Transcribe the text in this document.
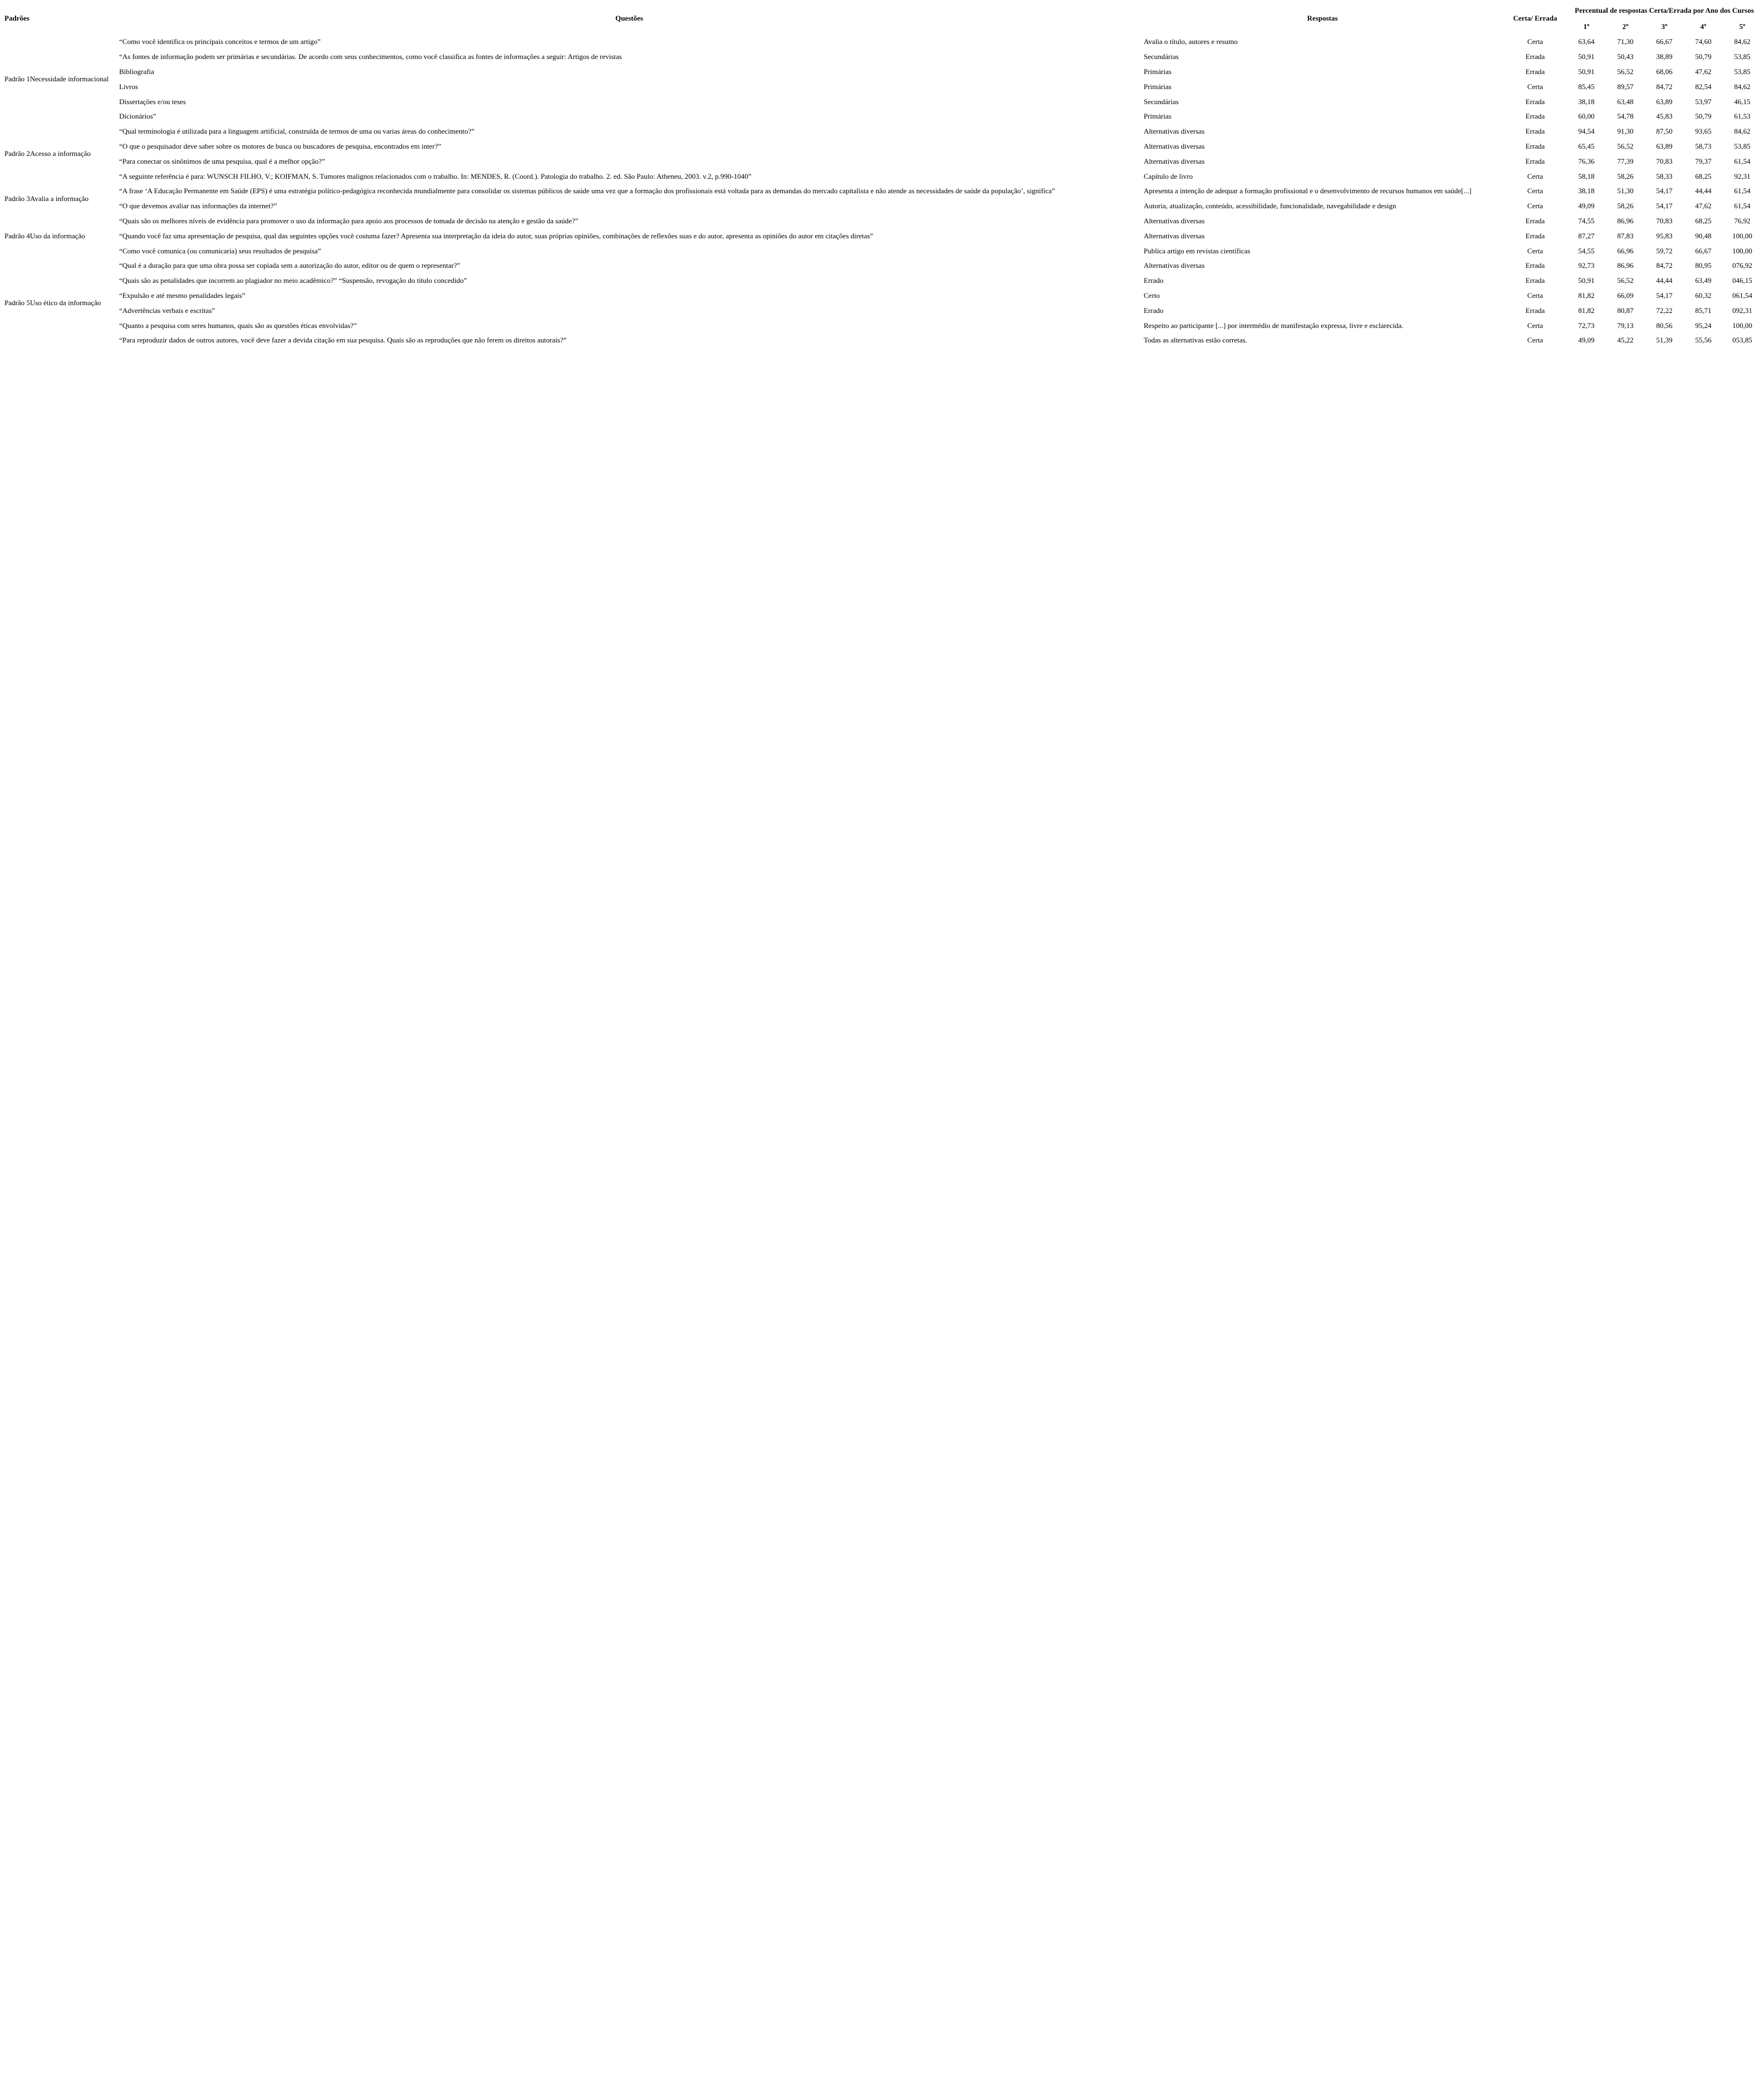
Padrões	Questões	Respostas	Certa/ Errada	Percentual de respostas Certa/Errada por Ano dos Cursos				
				1º	2º	3º	4º	5º
Padrão 1Necessidade informacional	“Como você identifica os principais conceitos e termos de um artigo”	Avalia o título, autores e resumo	Certa	63,64	71,30	66,67	74,60	84,62
	“As fontes de informação podem ser primárias e secundárias. De acordo com seus conhecimentos, como você classifica as fontes de informações a seguir: Artigos de revistas	Secundárias	Errada	50,91	50,43	38,89	50,79	53,85
	Bibliografia	Primárias	Errada	50,91	56,52	68,06	47,62	53,85
	Livros	Primárias	Certa	85,45	89,57	84,72	82,54	84,62
	Dissertações e/ou teses	Secundárias	Errada	38,18	63,48	63,89	53,97	46,15
	Dicionários”	Primárias	Errada	60,00	54,78	45,83	50,79	61,53
Padrão 2Acesso a informação	“Qual terminologia é utilizada para a linguagem artificial, construída de termos de uma ou varias áreas do conhecimento?”	Alternativas diversas	Errada	94,54	91,30	87,50	93,65	84,62
	“O que o pesquisador deve saber sobre os motores de busca ou buscadores de pesquisa, encontrados em inter?”	Alternativas diversas	Errada	65,45	56,52	63,89	58,73	53,85
	“Para conectar os sinônimos de uma pesquisa, qual é a melhor opção?”	Alternativas diversas	Errada	76,36	77,39	70,83	79,37	61,54
	“A seguinte referência é para: WUNSCH FILHO, V.; KOIFMAN, S. Tumores malignos relacionados com o trabalho. In: MENDES, R. (Coord.). Patologia do trabalho. 2. ed. São Paulo: Atheneu, 2003. v.2, p.990-1040”	Capítulo de livro	Certa	58,18	58,26	58,33	68,25	92,31
Padrão 3Avalia a informação	“A frase ‘A Educação Permanente em Saúde (EPS) é uma estratégia político-pedagógica reconhecida mundialmente para consolidar os sistemas públicos de saúde uma vez que a formação dos profissionais está voltada para as demandas do mercado capitalista e não atende as necessidades de saúde da população’, significa”	Apresenta a intenção de adequar a formação profissional e o desenvolvimento de recursos humanos em saúde[...]	Certa	38,18	51,30	54,17	44,44	61,54
	“O que devemos avaliar nas informações da internet?”	Autoria, atualização, conteúdo, acessibilidade, funcionalidade, navegabilidade e design	Certa	49,09	58,26	54,17	47,62	61,54
Padrão 4Uso da informação	“Quais são os melhores níveis de evidência para promover o uso da informação para apoio aos processos de tomada de decisão na atenção e gestão da saúde?”	Alternativas diversas	Errada	74,55	86,96	70,83	68,25	76,92
	“Quando você faz uma apresentação de pesquisa, qual das seguintes opções você costuma fazer? Apresenta sua interpretação da ideia do autor, suas próprias opiniões, combinações de reflexões suas e do autor, apresenta as opiniões do autor em citações diretas”	Alternativas diversas	Errada	87,27	87,83	95,83	90,48	100,00
	“Como você comunica (ou comunicaria) seus resultados de pesquisa”	Publica artigo em revistas científicas	Certa	54,55	66,96	59,72	66,67	100,00
Padrão 5Uso ético da informação	“Qual é a duração para que uma obra possa ser copiada sem a autorização do autor, editor ou de quem o representar?”	Alternativas diversas	Errada	92,73	86,96	84,72	80,95	076,92
	“Quais são as penalidades que incorrem ao plagiador no meio acadêmico?” “Suspensão, revogação do título concedido”	Errado	Errada	50,91	56,52	44,44	63,49	046,15
	“Expulsão e até mesmo penalidades legais”	Certo	Certa	81,82	66,09	54,17	60,32	061,54
	“Advertências verbais e escritas”	Errado	Errada	81,82	80,87	72,22	85,71	092,31
	“Quanto a pesquisa com seres humanos, quais são as questões éticas envolvidas?”	Respeito ao participante [...] por intermédio de manifestação expressa, livre e esclarecida.	Certa	72,73	79,13	80,56	95,24	100,00
	“Para reproduzir dados de outros autores, você deve fazer a devida citação em sua pesquisa. Quais são as reproduções que não ferem os direitos autorais?”	Todas as alternativas estão corretas.	Certa	49,09	45,22	51,39	55,56	053,85
